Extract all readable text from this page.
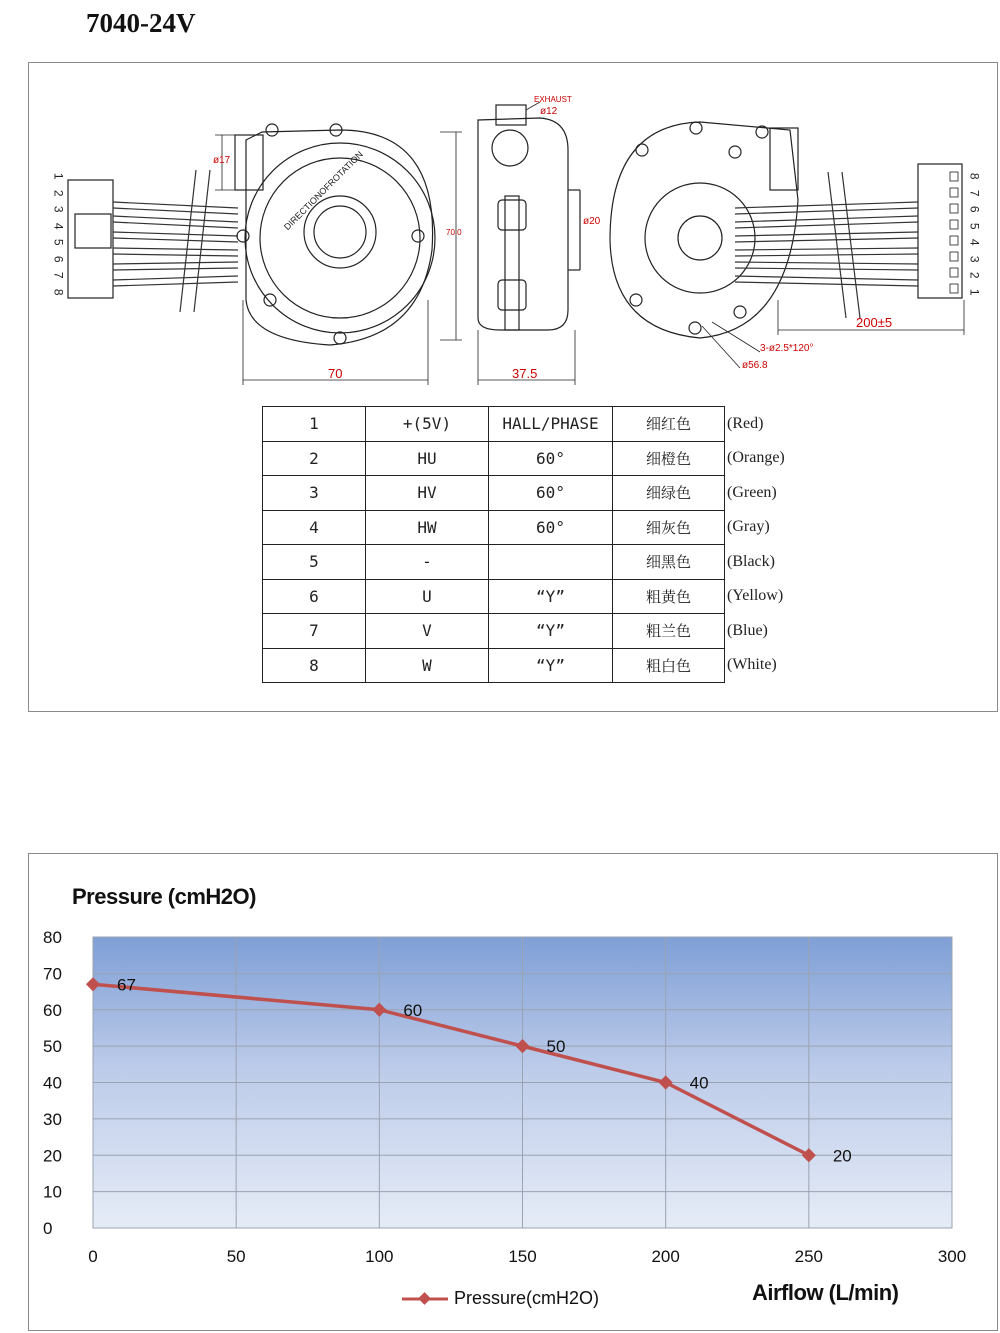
7040-24V
EXHAUST
ø12
ø17
70
70.0
37.5
ø20
200±5
3-ø2.5*120°
ø56.8
DIRECTIONOFROTATION
8
7
6
5
4
3
2
1	8
7
6
5
4
3
2
1
1	+(5V)	HALL/PHASE	细红色	(Red)
2	HU	60°	细橙色	(Orange)
3	HV	60°	细绿色	(Green)
4	HW	60°	细灰色	(Gray)
5	-		细黑色	(Black)
6	U	“Y”	粗黄色	(Yellow)
7	V	“Y”	粗兰色	(Blue)
8	W	“Y”	粗白色	(White)
Pressure (cmH2O)
Airflow (L/min)
Pressure(cmH2O)
0
10
20
30
40
50
60
70
80
0	50	100	150	200	250	300
67
60
50
40
20
